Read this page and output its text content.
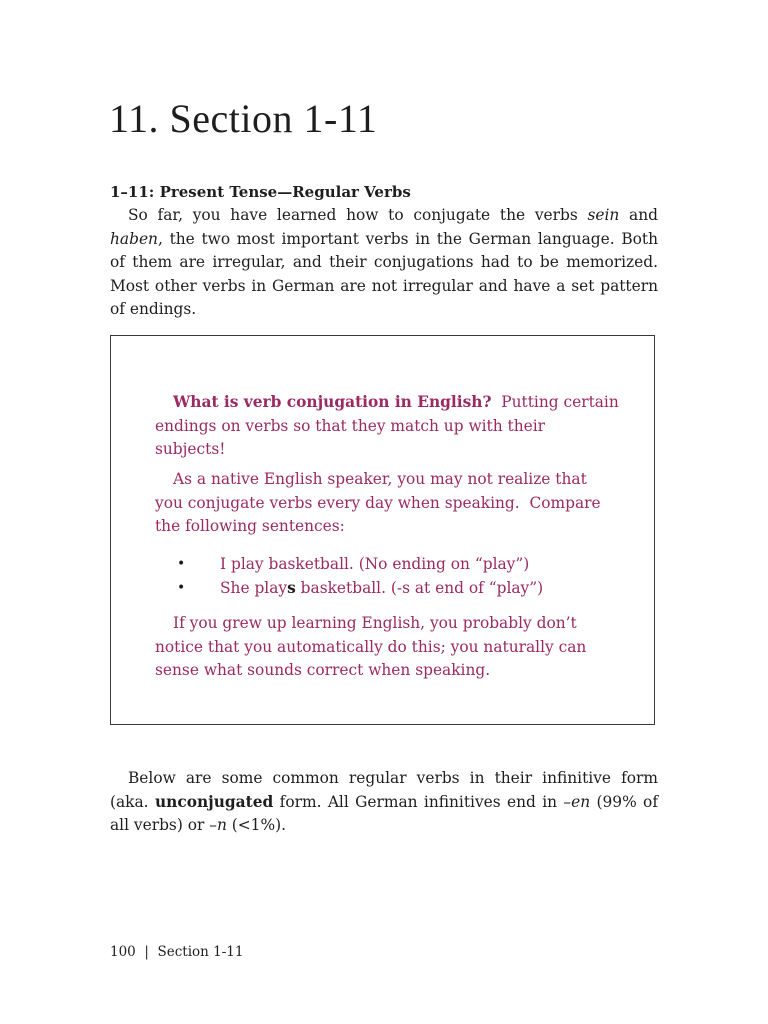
11. Section 1-11
1–11: Present Tense—Regular Verbs
So far, you have learned how to conjugate the verbs sein and
haben, the two most important verbs in the German language. Both
of them are irregular, and their conjugations had to be memorized.
Most other verbs in German are not irregular and have a set pattern
of endings.
What is verb conjugation in English?  Putting certain
endings on verbs so that they match up with their
subjects!
As a native English speaker, you may not realize that
you conjugate verbs every day when speaking.  Compare
the following sentences:
• I play basketball. (No ending on “play”)
• She plays basketball. (-s at end of “play”)
If you grew up learning English, you probably don’t
notice that you automatically do this; you naturally can
sense what sounds correct when speaking.
Below are some common regular verbs in their infinitive form
(aka. unconjugated form. All German infinitives end in –en (99% of
all verbs) or –n (<1%).

100  |  Section 1-11
